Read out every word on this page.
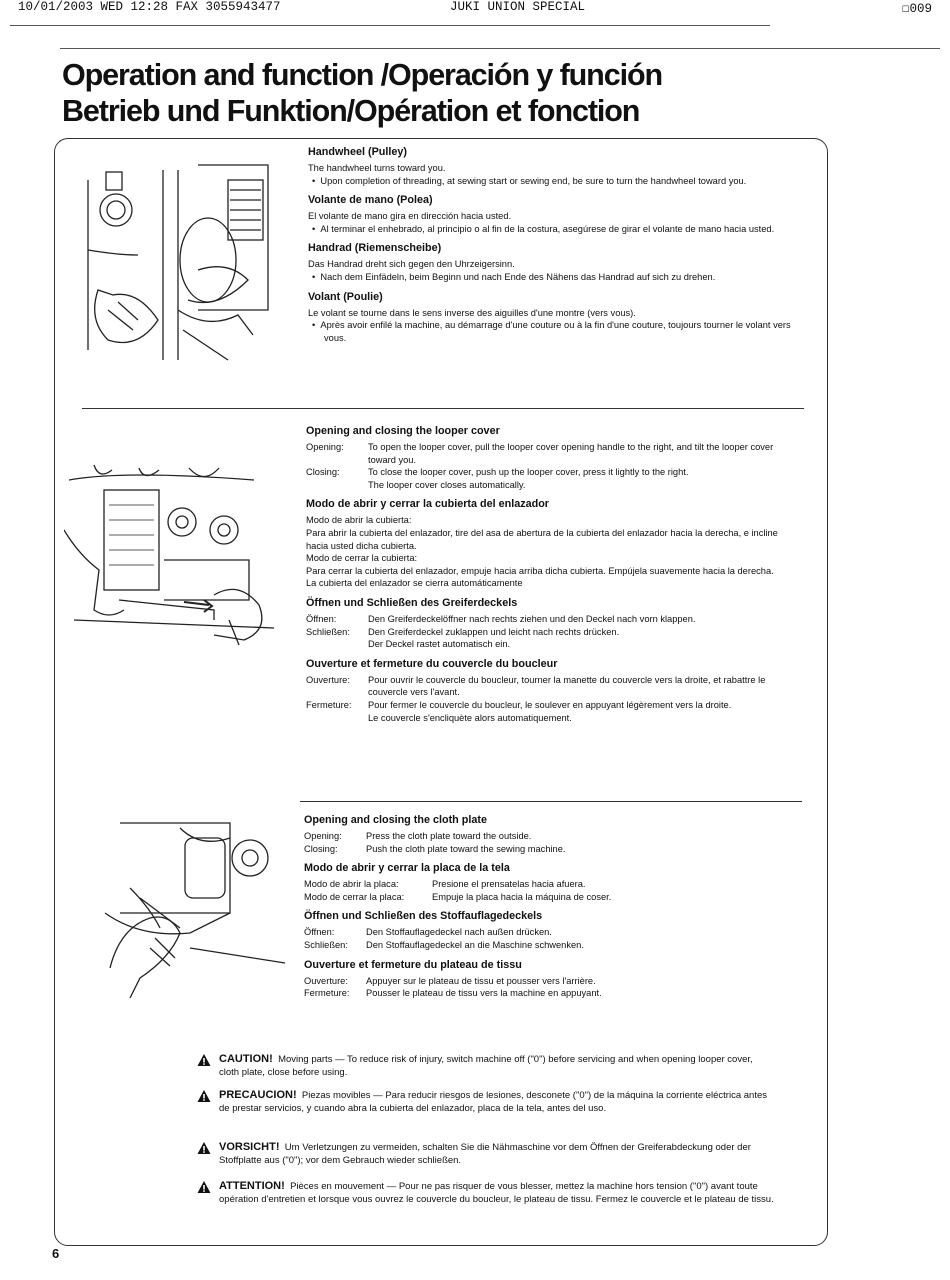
10/01/2003 WED 12:28 FAX 3055943477	JUKI UNION SPECIAL	☐009
Operation and function /Operación y función
Betrieb und Funktion/Opération et fonction

Handwheel (Pulley)

The handwheel turns toward you.

•  Upon completion of threading, at sewing start or sewing end, be sure to turn the handwheel toward you.

Volante de mano (Polea)

El volante de mano gira en dirección hacia usted.

•  Al terminar el enhebrado, al principio o al fin de la costura, asegúrese de girar el volante de mano hacia usted.

Handrad (Riemenscheibe)

Das Handrad dreht sich gegen den Uhrzeigersinn.

•  Nach dem Einfädeln, beim Beginn und nach Ende des Nähens das Handrad auf sich zu drehen.

Volant (Poulie)

Le volant se tourne dans le sens inverse des aiguilles d'une montre (vers vous).

•  Après avoir enfilé la machine, au démarrage d'une couture ou à la fin d'une couture, toujours tourner le volant vers vous.

Opening and closing the looper cover

Opening:	To open the looper cover, pull the looper cover opening handle to the right, and tilt the looper cover toward you.
Closing:	To close the looper cover, push up the looper cover, press it lightly to the right.
The looper cover closes automatically.

Modo de abrir y cerrar la cubierta del enlazador

Modo de abrir la cubierta:

Para abrir la cubierta del enlazador, tire del asa de abertura de la cubierta del enlazador hacia la derecha, e incline hacia usted dicha cubierta.

Modo de cerrar la cubierta:

Para cerrar la cubierta del enlazador, empuje hacia arriba dicha cubierta. Empújela suavemente hacia la derecha.

La cubierta del enlazador se cierra automáticamente

Öffnen und Schließen des Greiferdeckels

Öffnen:	Den Greiferdeckelöffner nach rechts ziehen und den Deckel nach vorn klappen.
Schließen:	Den Greiferdeckel zuklappen und leicht nach rechts drücken.
Der Deckel rastet automatisch ein.

Ouverture et fermeture du couvercle du boucleur

Ouverture:	Pour ouvrir le couvercle du boucleur, tourner la manette du couvercle vers la droite, et rabattre le couvercle vers l'avant.
Fermeture:	Pour fermer le couvercle du boucleur, le soulever en appuyant légèrement vers la droite.
Le couvercle s'encliquète alors automatiquement.

Opening and closing the cloth plate

Opening:	Press the cloth plate toward the outside.
Closing:	Push the cloth plate toward the sewing machine.

Modo de abrir y cerrar la placa de la tela

Modo de abrir la placa:	Presione el prensatelas hacia afuera.
Modo de cerrar la placa:	Empuje la placa hacia la máquina de coser.

Öffnen und Schließen des Stoffauflagedeckels

Öffnen:	Den Stoffauflagedeckel nach außen drücken.
Schließen:	Den Stoffauflagedeckel an die Maschine schwenken.

Ouverture et fermeture du plateau de tissu

Ouverture:	Appuyer sur le plateau de tissu et pousser vers l'arrière.
Fermeture:	Pousser le plateau de tissu vers la machine en appuyant.

CAUTION! Moving parts — To reduce risk of injury, switch machine off ("0") before servicing and when opening looper cover, cloth plate, close before using.

PRECAUCION! Piezas movibles — Para reducir riesgos de lesiones, desconete ("0") de la máquina la corriente eléctrica antes de prestar servicios, y cuando abra la cubierta del enlazador, placa de la tela, antes del uso.

VORSICHT! Um Verletzungen zu vermeiden, schalten Sie die Nähmaschine vor dem Öffnen der Greiferabdeckung oder der Stoffplatte aus ("0"); vor dem Gebrauch wieder schließen.

ATTENTION! Pièces en mouvement — Pour ne pas risquer de vous blesser, mettez la machine hors tension ("0") avant toute opération d'entretien et lorsque vous ouvrez le couvercle du boucleur, le plateau de tissu. Fermez le couvercle et le plateau de tissu.

6
